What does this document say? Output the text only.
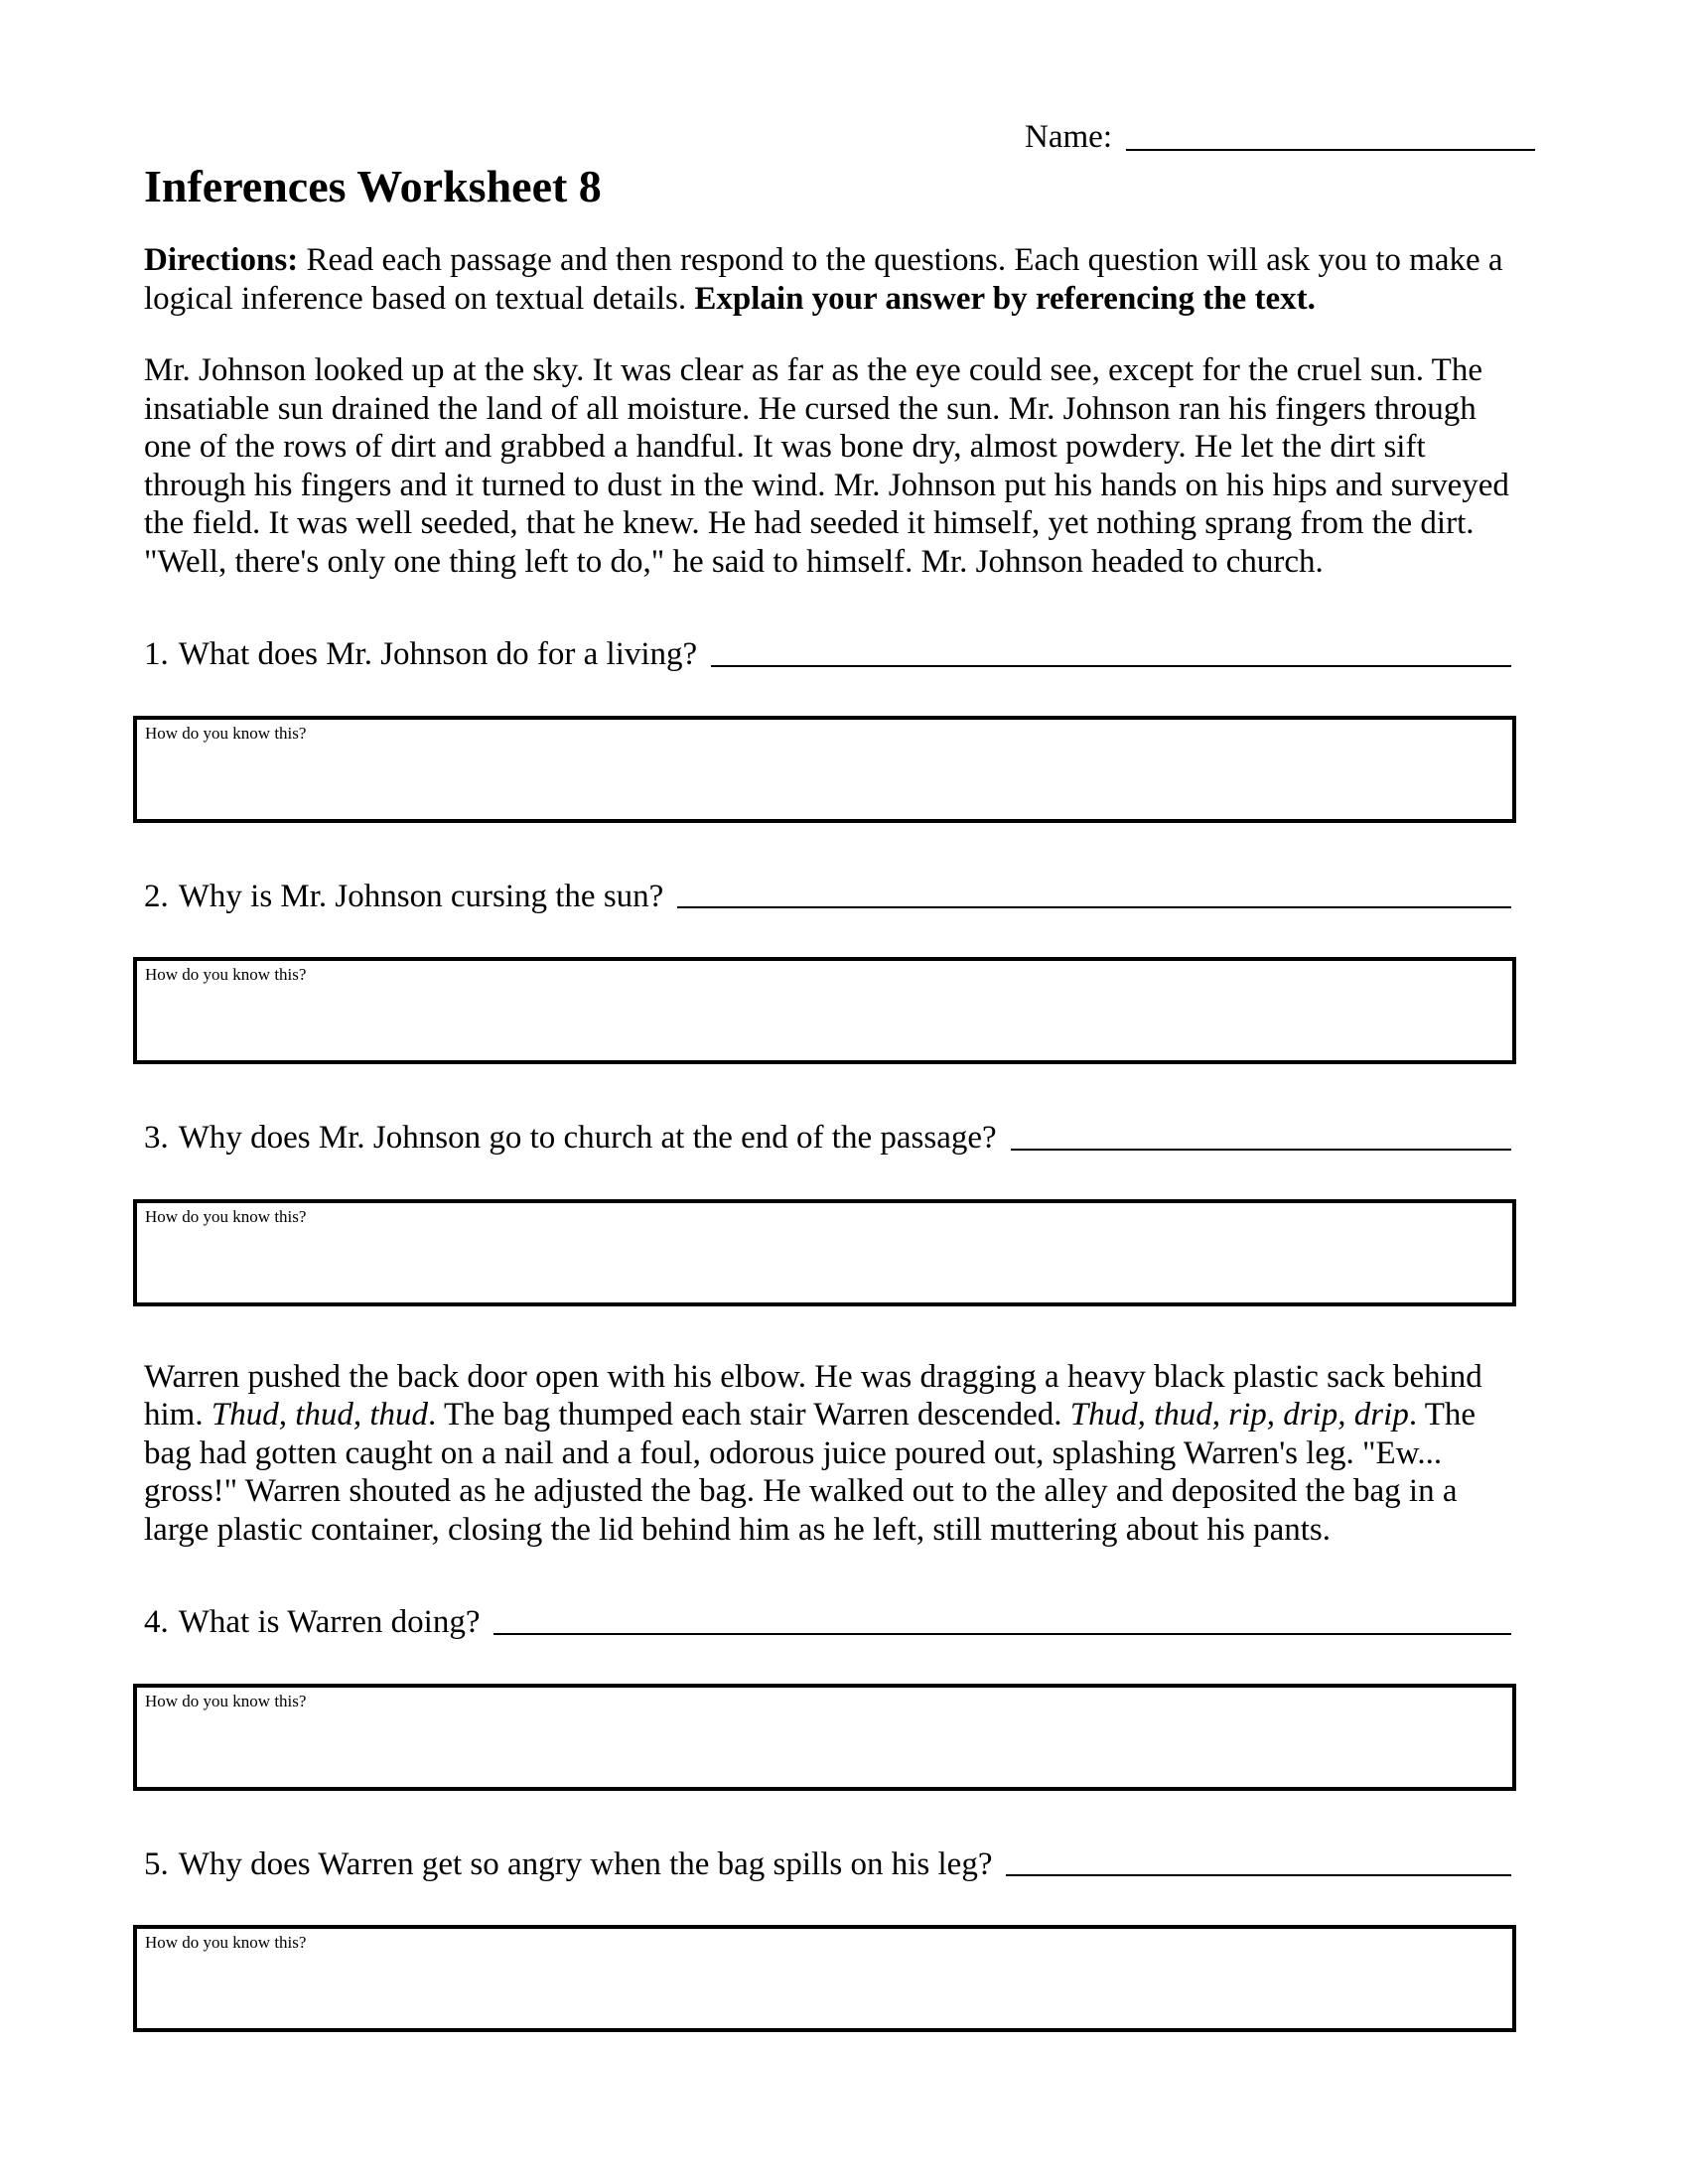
Name:
Inferences Worksheet 8
Directions: Read each passage and then respond to the questions. Each question will ask you to make a logical inference based on textual details. Explain your answer by referencing the text.
Mr. Johnson looked up at the sky. It was clear as far as the eye could see, except for the cruel sun. The insatiable sun drained the land of all moisture. He cursed the sun. Mr. Johnson ran his fingers through one of the rows of dirt and grabbed a handful. It was bone dry, almost powdery. He let the dirt sift through his fingers and it turned to dust in the wind. Mr. Johnson put his hands on his hips and surveyed the field. It was well seeded, that he knew. He had seeded it himself, yet nothing sprang from the dirt. "Well, there's only one thing left to do," he said to himself. Mr. Johnson headed to church.
1. What does Mr. Johnson do for a living?
How do you know this?
2. Why is Mr. Johnson cursing the sun?
How do you know this?
3. Why does Mr. Johnson go to church at the end of the passage?
How do you know this?
Warren pushed the back door open with his elbow. He was dragging a heavy black plastic sack behind him. Thud, thud, thud. The bag thumped each stair Warren descended. Thud, thud, rip, drip, drip. The bag had gotten caught on a nail and a foul, odorous juice poured out, splashing Warren's leg. "Ew... gross!" Warren shouted as he adjusted the bag. He walked out to the alley and deposited the bag in a large plastic container, closing the lid behind him as he left, still muttering about his pants.
4. What is Warren doing?
How do you know this?
5. Why does Warren get so angry when the bag spills on his leg?
How do you know this?
